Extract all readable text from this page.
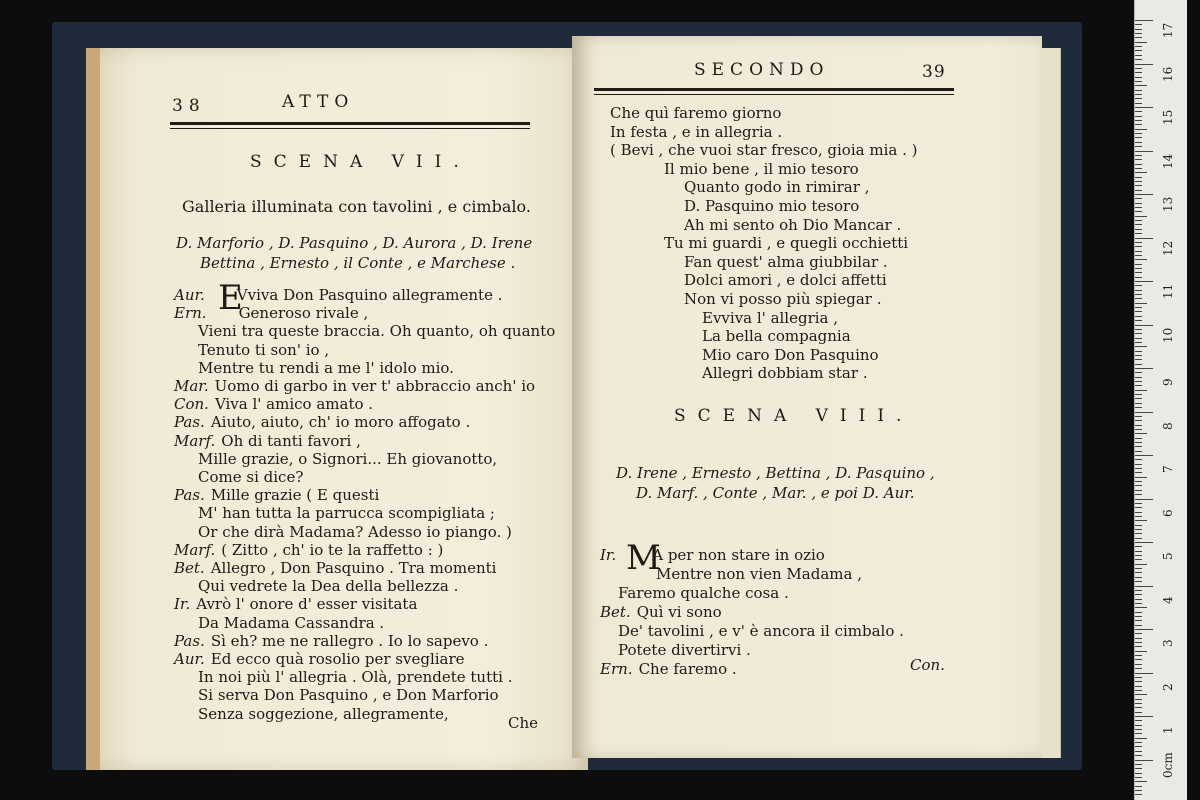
38	ATTO
SCENA VII.
Galleria illuminata con tavolini , e cimbalo.
D. Marforio , D. Pasquino , D. Aurora , D. Irene
Bettina , Ernesto , il Conte , e Marchese .
E
Aur. Vviva Don Pasquino allegramente .
Ern. Generoso rivale ,
Vieni tra queste braccia. Oh quanto, oh quanto
Tenuto ti son' io ,
Mentre tu rendi a me l' idolo mio.
Mar. Uomo di garbo in ver t' abbraccio anch' io
Con. Viva l' amico amato .
Pas. Aiuto, aiuto, ch' io moro affogato .
Marf. Oh di tanti favori ,
Mille grazie, o Signori... Eh giovanotto,
Come si dice?
Pas. Mille grazie ( E questi
M' han tutta la parrucca scompigliata ;
Or che dirà Madama? Adesso io piango. )
Marf. ( Zitto , ch' io te la raffetto : )
Bet. Allegro , Don Pasquino . Tra momenti
Qui vedrete la Dea della bellezza .
Ir. Avrò l' onore d' esser visitata
Da Madama Cassandra .
Pas. Sì eh? me ne rallegro . Io lo sapevo .
Aur. Ed ecco quà rosolio per svegliare
In noi più l' allegria . Olà, prendete tutti .
Si serva Don Pasquino , e Don Marforio
Senza soggezione, allegramente,
Che
SECONDO	39
Che quì faremo giorno
In festa , e in allegria .
( Bevi , che vuoi star fresco, gioia mia . )
Il mio bene , il mio tesoro
Quanto godo in rimirar ,
D. Pasquino mio tesoro
Ah mi sento oh Dio Mancar .
Tu mi guardi , e quegli occhietti
Fan quest' alma giubbilar .
Dolci amori , e dolci affetti
Non vi posso più spiegar .
Evviva l' allegria ,
La bella compagnia
Mio caro Don Pasquino
Allegri dobbiam star .
SCENA VIII.
D. Irene , Ernesto , Bettina , D. Pasquino ,
D. Marf. , Conte , Mar. , e poi D. Aur.
M
Ir. A per non stare in ozio
Mentre non vien Madama ,
Faremo qualche cosa .
Bet. Quì vi sono
De' tavolini , e v' è ancora il cimbalo .
Potete divertirvi .
Ern. Che faremo .	Con.
17
16
15
14
13
12
11
10
9
8
7
6
5
4
3
2
1
0cm
